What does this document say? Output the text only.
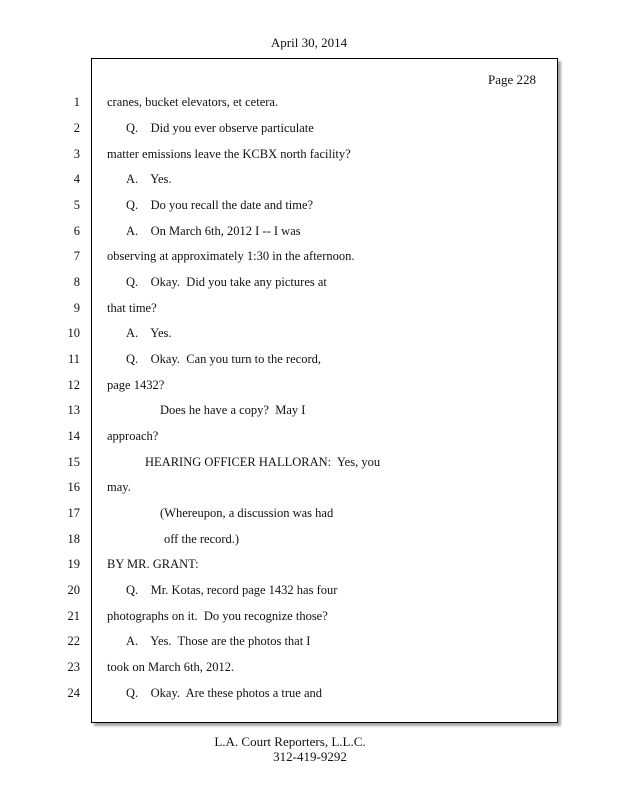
April 30, 2014
Page 228
1
2
3
4
5
6
7
8
9
10
11
12
13
14
15
16
17
18
19
20
21
22
23
24
cranes, bucket elevators, et cetera.
Q.    Did you ever observe particulate
matter emissions leave the KCBX north facility?
A.    Yes.
Q.    Do you recall the date and time?
A.    On March 6th, 2012 I -- I was
observing at approximately 1:30 in the afternoon.
Q.    Okay.  Did you take any pictures at
that time?
A.    Yes.
Q.    Okay.  Can you turn to the record,
page 1432?
Does he have a copy?  May I
approach?
HEARING OFFICER HALLORAN:  Yes, you
may.
(Whereupon, a discussion was had
off the record.)
BY MR. GRANT:
Q.    Mr. Kotas, record page 1432 has four
photographs on it.  Do you recognize those?
A.    Yes.  Those are the photos that I
took on March 6th, 2012.
Q.    Okay.  Are these photos a true and
L.A. Court Reporters, L.L.C.
312-419-9292
